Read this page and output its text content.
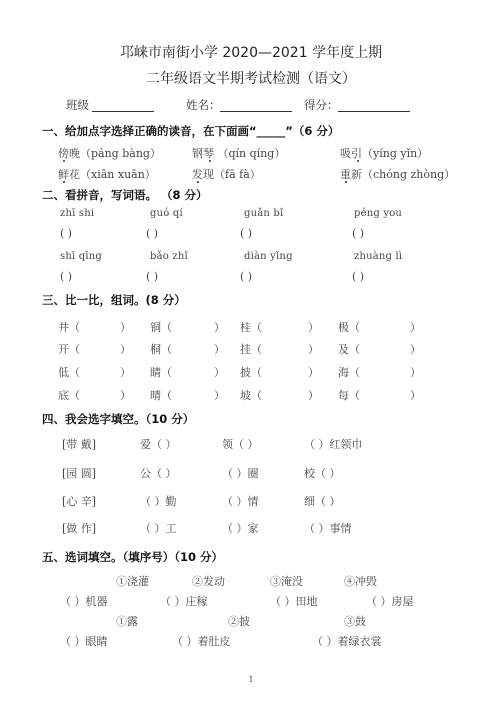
邛崃市南街小学 2020—2021 学年度上期
二年级语文半期考试检测（语文）
班级	姓名：	得分：
一、给加点字选择正确的读音，在下面画“_____”（6 分）
傍晚（páng bàng）	钢琴 （qín qíng）	吸引（yíng yǐn）
鲜花（xiān xuān）	发现（fā fà）	重新（chóng zhòng）
二、看拼音，写词语。 （8 分）
zhī shi	guó qí	guǎn bǐ	péng you
( )	( )	( )	( )
shī qīng	bǎo zhǐ	diàn yǐng	zhuàng lì
( )	( )	( )	( )
三、比一比，组词。(8 分）
井（	） 铜（	） 桂（	） 极（	）
开（	） 桐（	） 挂（	） 及（	）
低（	） 睛（	） 披（	） 海（	）
底（	） 晴（	） 坡（	） 每（	）
四、我会选字填空。（10 分）
[带 戴]	爱（ ）	领（ ）	（ ）红领巾
[园 圆]	公（ ）	（ ）圈	校（ ）
[心 辛]	（ ）勤	（ ）情	细（ ）
[做 作]	（ ）工	（ ）家	（ ）事情
五、选词填空。（填序号）（10 分）
①浇灌	②发动	③淹没	④冲毁
（ ）机器	（ ）庄稼	（ ）田地	（ ）房屋
①露	②披	③鼓
（ ）眼睛	（ ）着肚皮	（ ）着绿衣裳
1
